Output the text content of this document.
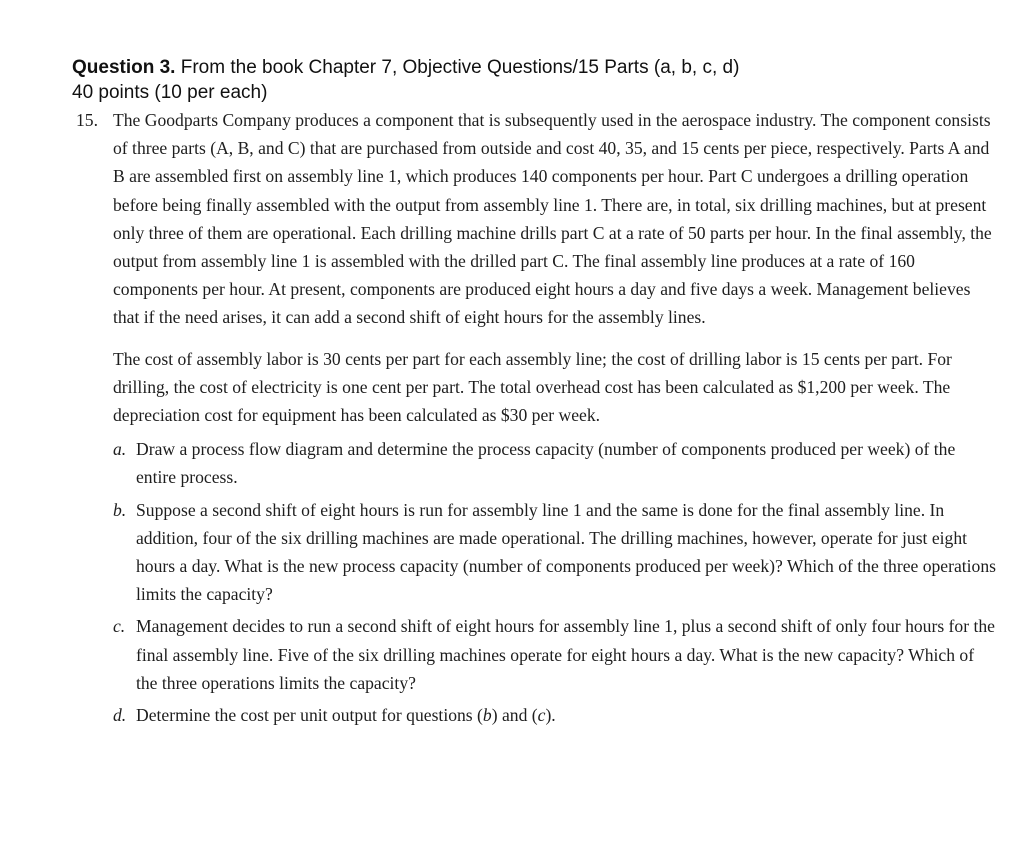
Question 3. From the book Chapter 7, Objective Questions/15 Parts (a, b, c, d)
40 points (10 per each)

15. The Goodparts Company produces a component that is subsequently used in the aerospace industry. The component consists of three parts (A, B, and C) that are purchased from outside and cost 40, 35, and 15 cents per piece, respectively. Parts A and B are assembled first on assembly line 1, which produces 140 components per hour. Part C undergoes a drilling operation before being finally assembled with the output from assembly line 1. There are, in total, six drilling machines, but at present only three of them are operational. Each drilling machine drills part C at a rate of 50 parts per hour. In the final assembly, the output from assembly line 1 is assembled with the drilled part C. The final assembly line produces at a rate of 160 components per hour. At present, components are produced eight hours a day and five days a week. Management believes that if the need arises, it can add a second shift of eight hours for the assembly lines.

The cost of assembly labor is 30 cents per part for each assembly line; the cost of drilling labor is 15 cents per part. For drilling, the cost of electricity is one cent per part. The total overhead cost has been calculated as $1,200 per week. The depreciation cost for equipment has been calculated as $30 per week.

a. Draw a process flow diagram and determine the process capacity (number of components produced per week) of the entire process.

b. Suppose a second shift of eight hours is run for assembly line 1 and the same is done for the final assembly line. In addition, four of the six drilling machines are made operational. The drilling machines, however, operate for just eight hours a day. What is the new process capacity (number of components produced per week)? Which of the three operations limits the capacity?

c. Management decides to run a second shift of eight hours for assembly line 1, plus a second shift of only four hours for the final assembly line. Five of the six drilling machines operate for eight hours a day. What is the new capacity? Which of the three operations limits the capacity?

d. Determine the cost per unit output for questions (b) and (c).
